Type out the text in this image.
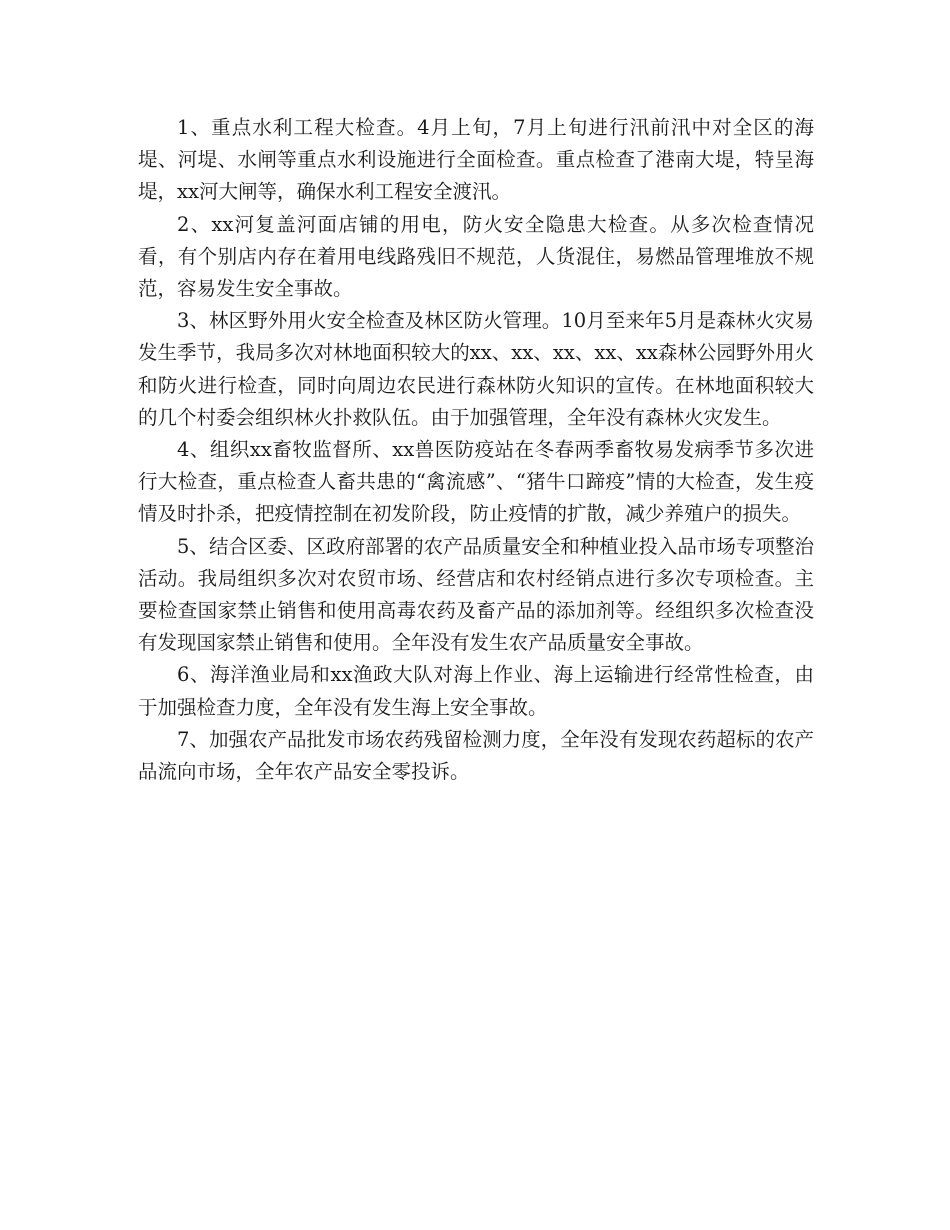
1、重点水利工程大检查。4月上旬，7月上旬进行汛前汛中对全区的海堤、河堤、水闸等重点水利设施进行全面检查。重点检查了港南大堤，特呈海堤，xx河大闸等，确保水利工程安全渡汛。

2、xx河复盖河面店铺的用电，防火安全隐患大检查。从多次检查情况看，有个别店内存在着用电线路残旧不规范，人货混住，易燃品管理堆放不规范，容易发生安全事故。

3、林区野外用火安全检查及林区防火管理。10月至来年5月是森林火灾易发生季节，我局多次对林地面积较大的xx、xx、xx、xx、xx森林公园野外用火和防火进行检查，同时向周边农民进行森林防火知识的宣传。在林地面积较大的几个村委会组织林火扑救队伍。由于加强管理，全年没有森林火灾发生。

4、组织xx畜牧监督所、xx兽医防疫站在冬春两季畜牧易发病季节多次进行大检查，重点检查人畜共患的“禽流感”、“猪牛口蹄疫”情的大检查，发生疫情及时扑杀，把疫情控制在初发阶段，防止疫情的扩散，减少养殖户的损失。

5、结合区委、区政府部署的农产品质量安全和种植业投入品市场专项整治活动。我局组织多次对农贸市场、经营店和农村经销点进行多次专项检查。主要检查国家禁止销售和使用高毒农药及畜产品的添加剂等。经组织多次检查没有发现国家禁止销售和使用。全年没有发生农产品质量安全事故。

6、海洋渔业局和xx渔政大队对海上作业、海上运输进行经常性检查，由于加强检查力度，全年没有发生海上安全事故。

7、加强农产品批发市场农药残留检测力度，全年没有发现农药超标的农产品流向市场，全年农产品安全零投诉。
